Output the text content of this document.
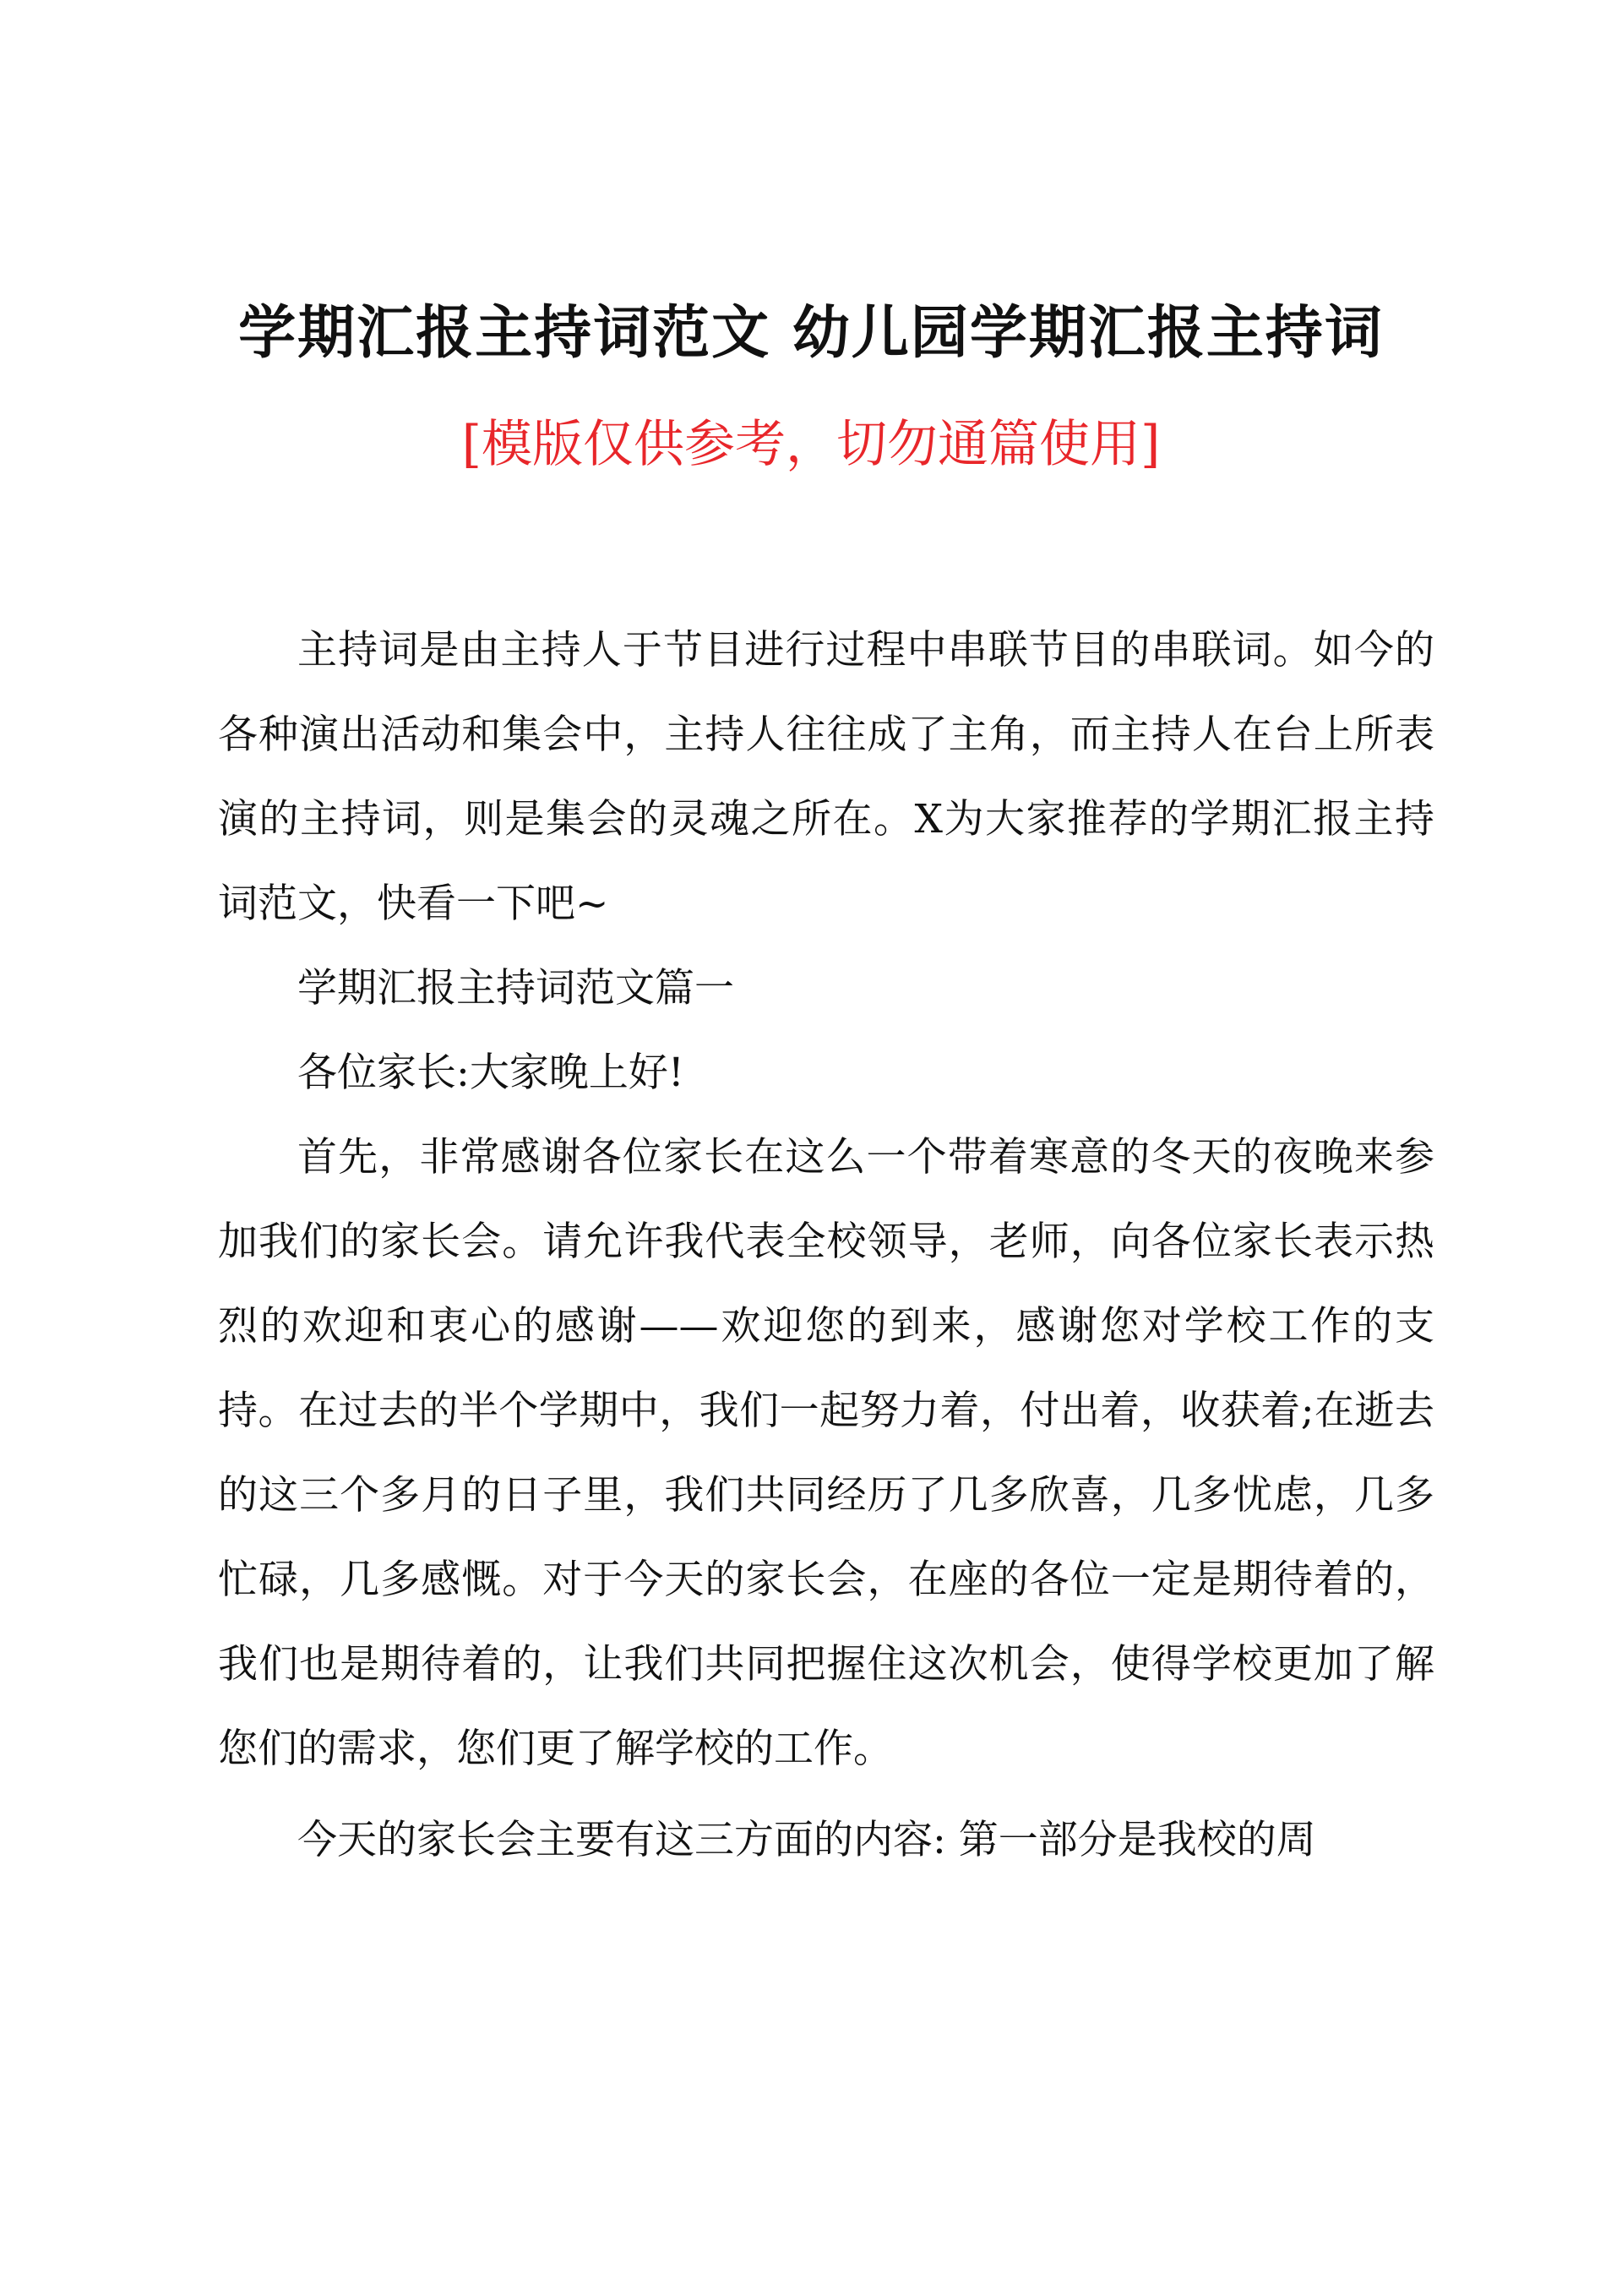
学期汇报主持词范文 幼儿园学期汇报主持词
[模版仅供参考，切勿通篇使用]

主持词是由主持人于节目进行过程中串联节目的串联词。如今的各种演出活动和集会中，主持人往往成了主角，而主持人在台上所表演的主持词，则是集会的灵魂之所在。X为大家推荐的学期汇报主持词范文，快看一下吧~

学期汇报主持词范文篇一

各位家长:大家晚上好!

首先，非常感谢各位家长在这么一个带着寒意的冬天的夜晚来参加我们的家长会。请允许我代表全校领导，老师，向各位家长表示热烈的欢迎和衷心的感谢——欢迎您的到来，感谢您对学校工作的支持。在过去的半个学期中，我们一起努力着，付出着，收获着;在逝去的这三个多月的日子里，我们共同经历了几多欣喜，几多忧虑，几多忙碌，几多感慨。对于今天的家长会，在座的各位一定是期待着的，我们也是期待着的，让我们共同把握住这次机会，使得学校更加了解您们的需求，您们更了解学校的工作。

今天的家长会主要有这三方面的内容: 第一部分是我校的周
